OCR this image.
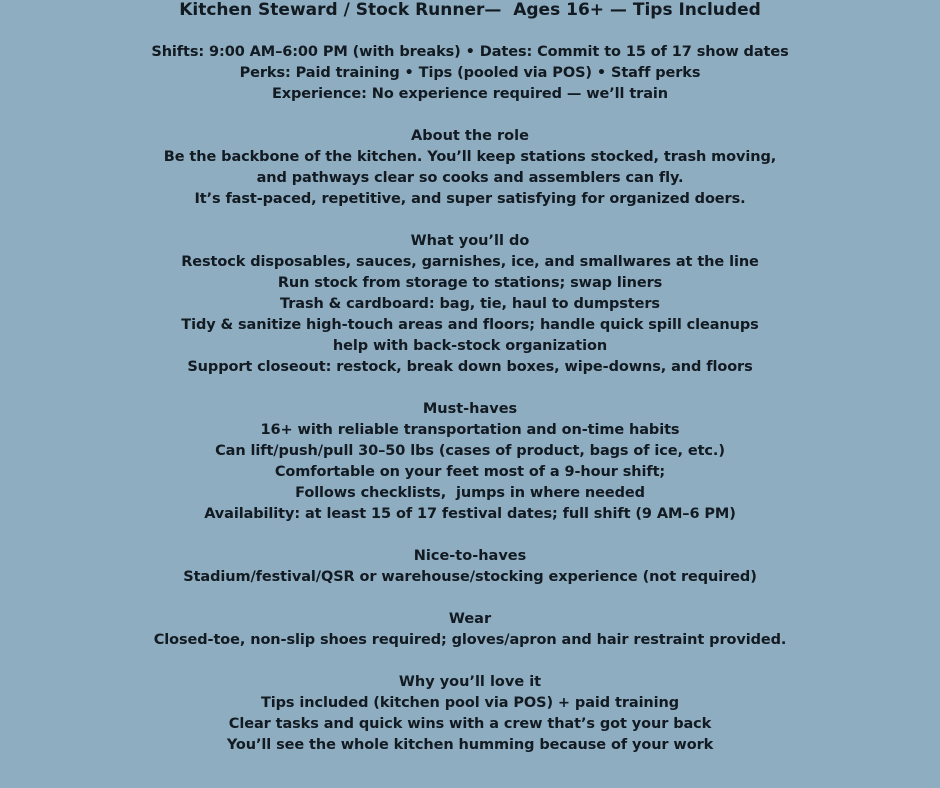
Kitchen Steward / Stock Runner—  Ages 16+ — Tips Included
Shifts: 9:00 AM–6:00 PM (with breaks) • Dates: Commit to 15 of 17 show dates
Perks: Paid training • Tips (pooled via POS) • Staff perks
Experience: No experience required — we’ll train
About the role
Be the backbone of the kitchen. You’ll keep stations stocked, trash moving,
and pathways clear so cooks and assemblers can fly.
It’s fast-paced, repetitive, and super satisfying for organized doers.
What you’ll do
Restock disposables, sauces, garnishes, ice, and smallwares at the line
Run stock from storage to stations; swap liners
Trash & cardboard: bag, tie, haul to dumpsters
Tidy & sanitize high-touch areas and floors; handle quick spill cleanups
help with back-stock organization
Support closeout: restock, break down boxes, wipe-downs, and floors
Must-haves
16+ with reliable transportation and on-time habits
Can lift/push/pull 30–50 lbs (cases of product, bags of ice, etc.)
Comfortable on your feet most of a 9-hour shift;
Follows checklists,  jumps in where needed
Availability: at least 15 of 17 festival dates; full shift (9 AM–6 PM)
Nice-to-haves
Stadium/festival/QSR or warehouse/stocking experience (not required)
Wear
Closed-toe, non-slip shoes required; gloves/apron and hair restraint provided.
Why you’ll love it
Tips included (kitchen pool via POS) + paid training
Clear tasks and quick wins with a crew that’s got your back
You’ll see the whole kitchen humming because of your work
